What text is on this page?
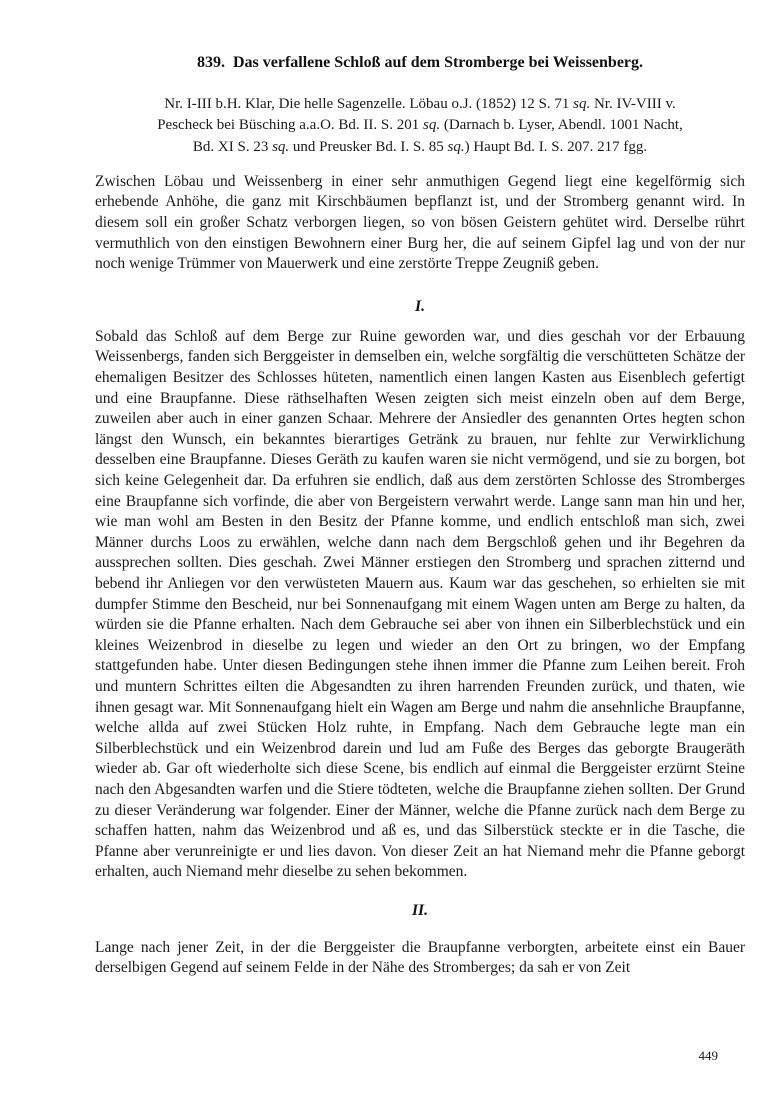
839. Das verfallene Schloß auf dem Stromberge bei Weissenberg.
Nr. I-III b.H. Klar, Die helle Sagenzelle. Löbau o.J. (1852) 12 S. 71 sq. Nr. IV-VIII v.
Pescheck bei Büsching a.a.O. Bd. II. S. 201 sq. (Darnach b. Lyser, Abendl. 1001 Nacht,
Bd. XI S. 23 sq. und Preusker Bd. I. S. 85 sq.) Haupt Bd. I. S. 207. 217 fgg.
Zwischen Löbau und Weissenberg in einer sehr anmuthigen Gegend liegt eine kegelförmig sich erhebende Anhöhe, die ganz mit Kirschbäumen bepflanzt ist, und der Stromberg genannt wird. In diesem soll ein großer Schatz verborgen liegen, so von bösen Geistern gehütet wird. Derselbe rührt vermuthlich von den einstigen Bewohnern einer Burg her, die auf seinem Gipfel lag und von der nur noch wenige Trümmer von Mauerwerk und eine zerstörte Treppe Zeugniß geben.
I.
Sobald das Schloß auf dem Berge zur Ruine geworden war, und dies geschah vor der Erbauung Weissenbergs, fanden sich Berggeister in demselben ein, welche sorgfältig die verschütteten Schätze der ehemaligen Besitzer des Schlosses hüteten, namentlich einen langen Kasten aus Eisenblech gefertigt und eine Braupfanne. Diese räthselhaften Wesen zeigten sich meist einzeln oben auf dem Berge, zuweilen aber auch in einer ganzen Schaar. Mehrere der Ansiedler des genannten Ortes hegten schon längst den Wunsch, ein bekanntes bierartiges Getränk zu brauen, nur fehlte zur Verwirklichung desselben eine Braupfanne. Dieses Geräth zu kaufen waren sie nicht vermögend, und sie zu borgen, bot sich keine Gelegenheit dar. Da erfuhren sie endlich, daß aus dem zerstörten Schlosse des Stromberges eine Braupfanne sich vorfinde, die aber von Bergeistern verwahrt werde. Lange sann man hin und her, wie man wohl am Besten in den Besitz der Pfanne komme, und endlich entschloß man sich, zwei Männer durchs Loos zu erwählen, welche dann nach dem Bergschloß gehen und ihr Begehren da aussprechen sollten. Dies geschah. Zwei Männer erstiegen den Stromberg und sprachen zitternd und bebend ihr Anliegen vor den verwüsteten Mauern aus. Kaum war das geschehen, so erhielten sie mit dumpfer Stimme den Bescheid, nur bei Sonnenaufgang mit einem Wagen unten am Berge zu halten, da würden sie die Pfanne erhalten. Nach dem Gebrauche sei aber von ihnen ein Silberblechstück und ein kleines Weizenbrod in dieselbe zu legen und wieder an den Ort zu bringen, wo der Empfang stattgefunden habe. Unter diesen Bedingungen stehe ihnen immer die Pfanne zum Leihen bereit. Froh und muntern Schrittes eilten die Abgesandten zu ihren harrenden Freunden zurück, und thaten, wie ihnen gesagt war. Mit Sonnenaufgang hielt ein Wagen am Berge und nahm die ansehnliche Braupfanne, welche allda auf zwei Stücken Holz ruhte, in Empfang. Nach dem Gebrauche legte man ein Silberblechstück und ein Weizenbrod darein und lud am Fuße des Berges das geborgte Braugeräth wieder ab. Gar oft wiederholte sich diese Scene, bis endlich auf einmal die Berggeister erzürnt Steine nach den Abgesandten warfen und die Stiere tödteten, welche die Braupfanne ziehen sollten. Der Grund zu dieser Veränderung war folgender. Einer der Männer, welche die Pfanne zurück nach dem Berge zu schaffen hatten, nahm das Weizenbrod und aß es, und das Silberstück steckte er in die Tasche, die Pfanne aber verunreinigte er und lies davon. Von dieser Zeit an hat Niemand mehr die Pfanne geborgt erhalten, auch Niemand mehr dieselbe zu sehen bekommen.
II.
Lange nach jener Zeit, in der die Berggeister die Braupfanne verborgten, arbeitete einst ein Bauer derselbigen Gegend auf seinem Felde in der Nähe des Stromberges; da sah er von Zeit
449
